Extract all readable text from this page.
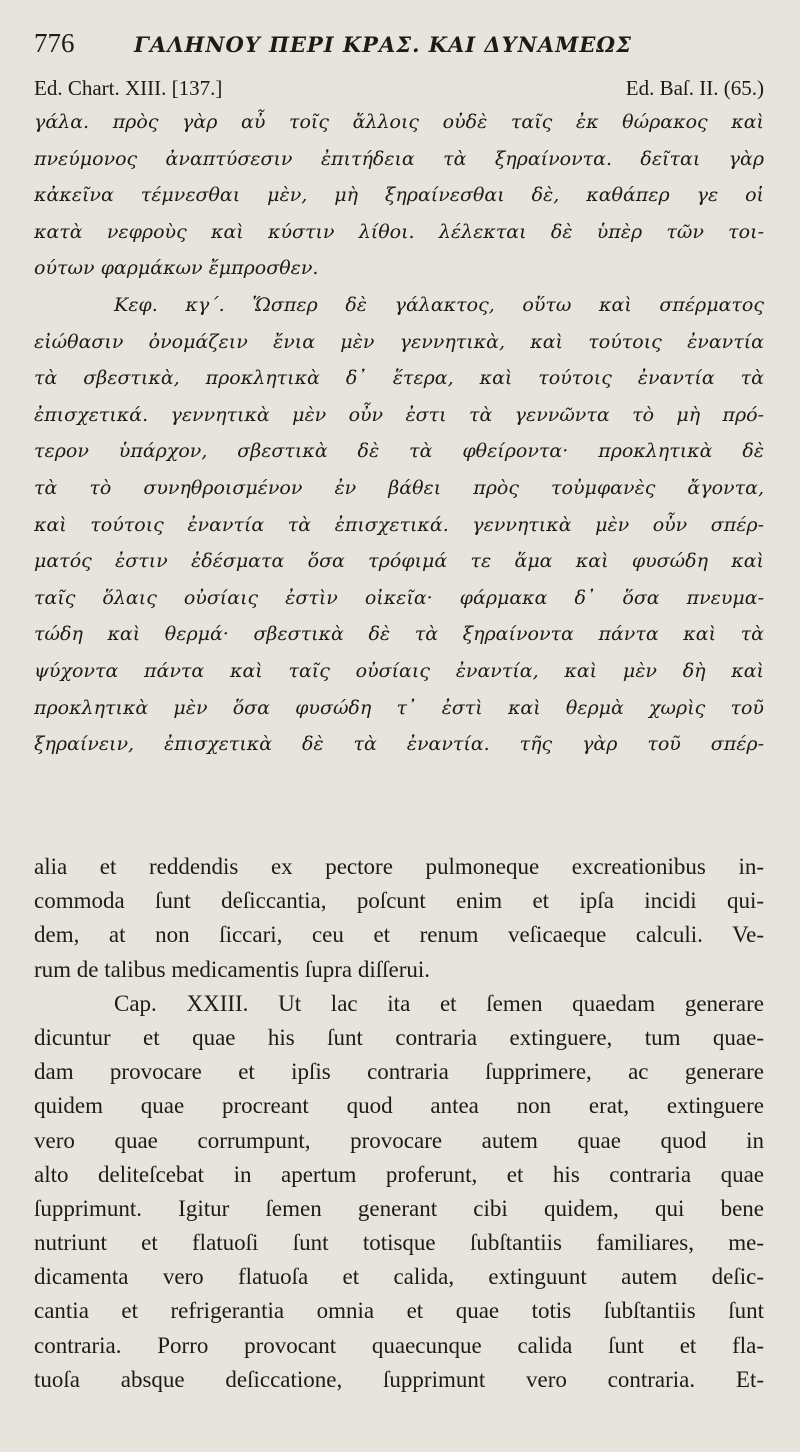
776	ΓΑΛΗΝΟΥ ΠΕΡΙ ΚΡΑΣ. ΚΑΙ ΔΥΝΑΜΕΩΣ
Ed. Chart. XIII. [137.]	Ed. Baſ. II. (65.)
γάλα. πρὸς γὰρ αὖ τοῖς ἄλλοις οὐδὲ ταῖς ἐκ θώρακος καὶ
πνεύμονος ἀναπτύσεσιν ἐπιτήδεια τὰ ξηραίνοντα. δεῖται γὰρ
κἀκεῖνα τέμνεσθαι μὲν, μὴ ξηραίνεσθαι δὲ, καθάπερ γε οἱ
κατὰ νεφροὺς καὶ κύστιν λίθοι. λέλεκται δὲ ὑπὲρ τῶν τοι-
ούτων φαρμάκων ἔμπροσθεν.
Κεφ. κγ΄. Ὥσπερ δὲ γάλακτος, οὕτω καὶ σπέρματος
εἰώθασιν ὀνομάζειν ἔνια μὲν γεννητικὰ, καὶ τούτοις ἐναντία
τὰ σβεστικὰ, προκλητικὰ δ᾽ ἕτερα, καὶ τούτοις ἐναντία τὰ
ἐπισχετικά. γεννητικὰ μὲν οὖν ἐστι τὰ γεννῶντα τὸ μὴ πρό-
τερον ὑπάρχον, σβεστικὰ δὲ τὰ φθείροντα· προκλητικὰ δὲ
τὰ τὸ συνηθροισμένον ἐν βάθει πρὸς τοὐμφανὲς ἄγοντα,
καὶ τούτοις ἐναντία τὰ ἐπισχετικά. γεννητικὰ μὲν οὖν σπέρ-
ματός ἐστιν ἐδέσματα ὅσα τρόφιμά τε ἅμα καὶ φυσώδη καὶ
ταῖς ὅλαις οὐσίαις ἐστὶν οἰκεῖα· φάρμακα δ᾽ ὅσα πνευμα-
τώδη καὶ θερμά· σβεστικὰ δὲ τὰ ξηραίνοντα πάντα καὶ τὰ
ψύχοντα πάντα καὶ ταῖς οὐσίαις ἐναντία, καὶ μὲν δὴ καὶ
προκλητικὰ μὲν ὅσα φυσώδη τ᾽ ἐστὶ καὶ θερμὰ χωρὶς τοῦ
ξηραίνειν, ἐπισχετικὰ δὲ τὰ ἐναντία. τῆς γὰρ τοῦ σπέρ-
alia et reddendis ex pectore pulmoneque excreationibus in-
commoda ſunt deſiccantia, poſcunt enim et ipſa incidi qui-
dem, at non ſiccari, ceu et renum veſicaeque calculi. Ve-
rum de talibus medicamentis ſupra diſſerui.
Cap. XXIII. Ut lac ita et ſemen quaedam generare
dicuntur et quae his ſunt contraria extinguere, tum quae-
dam provocare et ipſis contraria ſupprimere, ac generare
quidem quae procreant quod antea non erat, extinguere
vero quae corrumpunt, provocare autem quae quod in
alto deliteſcebat in apertum proferunt, et his contraria quae
ſupprimunt. Igitur ſemen generant cibi quidem, qui bene
nutriunt et flatuoſi ſunt totisque ſubſtantiis familiares, me-
dicamenta vero flatuoſa et calida, extinguunt autem deſic-
cantia et refrigerantia omnia et quae totis ſubſtantiis ſunt
contraria. Porro provocant quaecunque calida ſunt et fla-
tuoſa absque deſiccatione, ſupprimunt vero contraria. Et-
